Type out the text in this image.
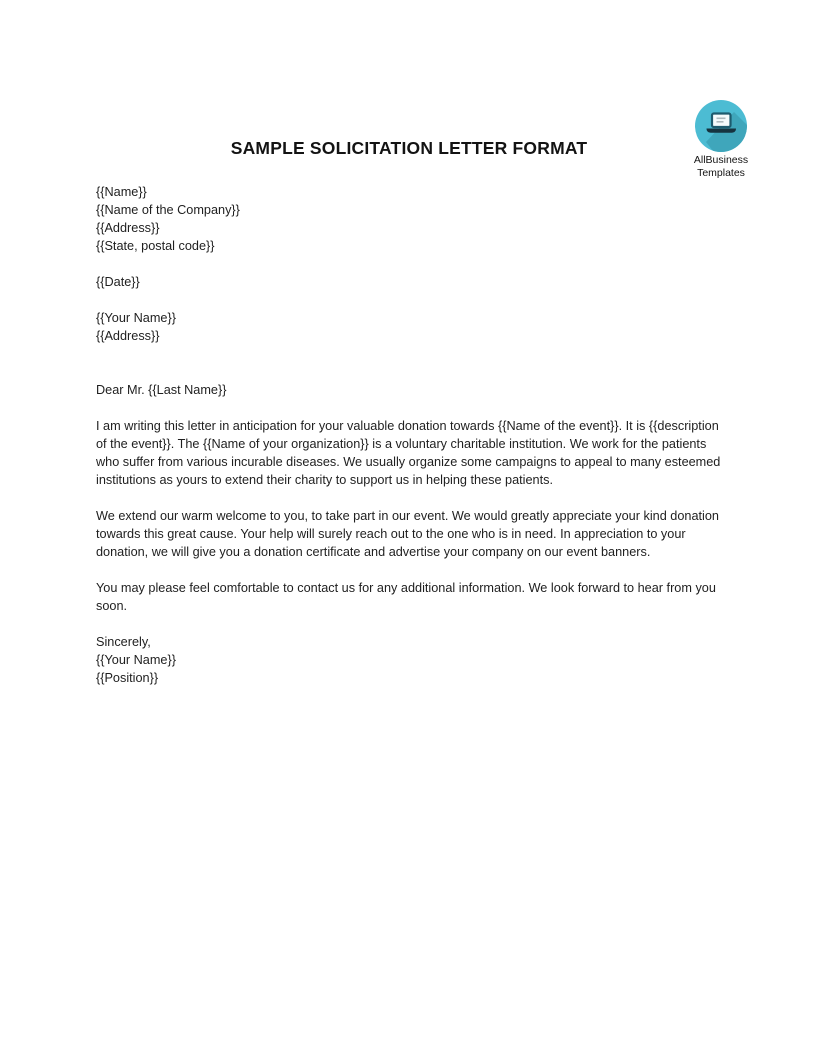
AllBusiness
Templates
SAMPLE SOLICITATION LETTER FORMAT
{{Name}}
{{Name of the Company}}
{{Address}}
{{State, postal code}}
{{Date}}
{{Your Name}}
{{Address}}
Dear Mr. {{Last Name}}

I am writing this letter in anticipation for your valuable donation towards {{Name of the event}}. It is {{description of the event}}. The {{Name of your organization}} is a voluntary charitable institution. We work for the patients who suffer from various incurable diseases. We usually organize some campaigns to appeal to many esteemed institutions as yours to extend their charity to support us in helping these patients.

We extend our warm welcome to you, to take part in our event. We would greatly appreciate your kind donation towards this great cause. Your help will surely reach out to the one who is in need. In appreciation to your donation, we will give you a donation certificate and advertise your company on our event banners.

You may please feel comfortable to contact us for any additional information. We look forward to hear from you soon.

Sincerely,
{{Your Name}}
{{Position}}
